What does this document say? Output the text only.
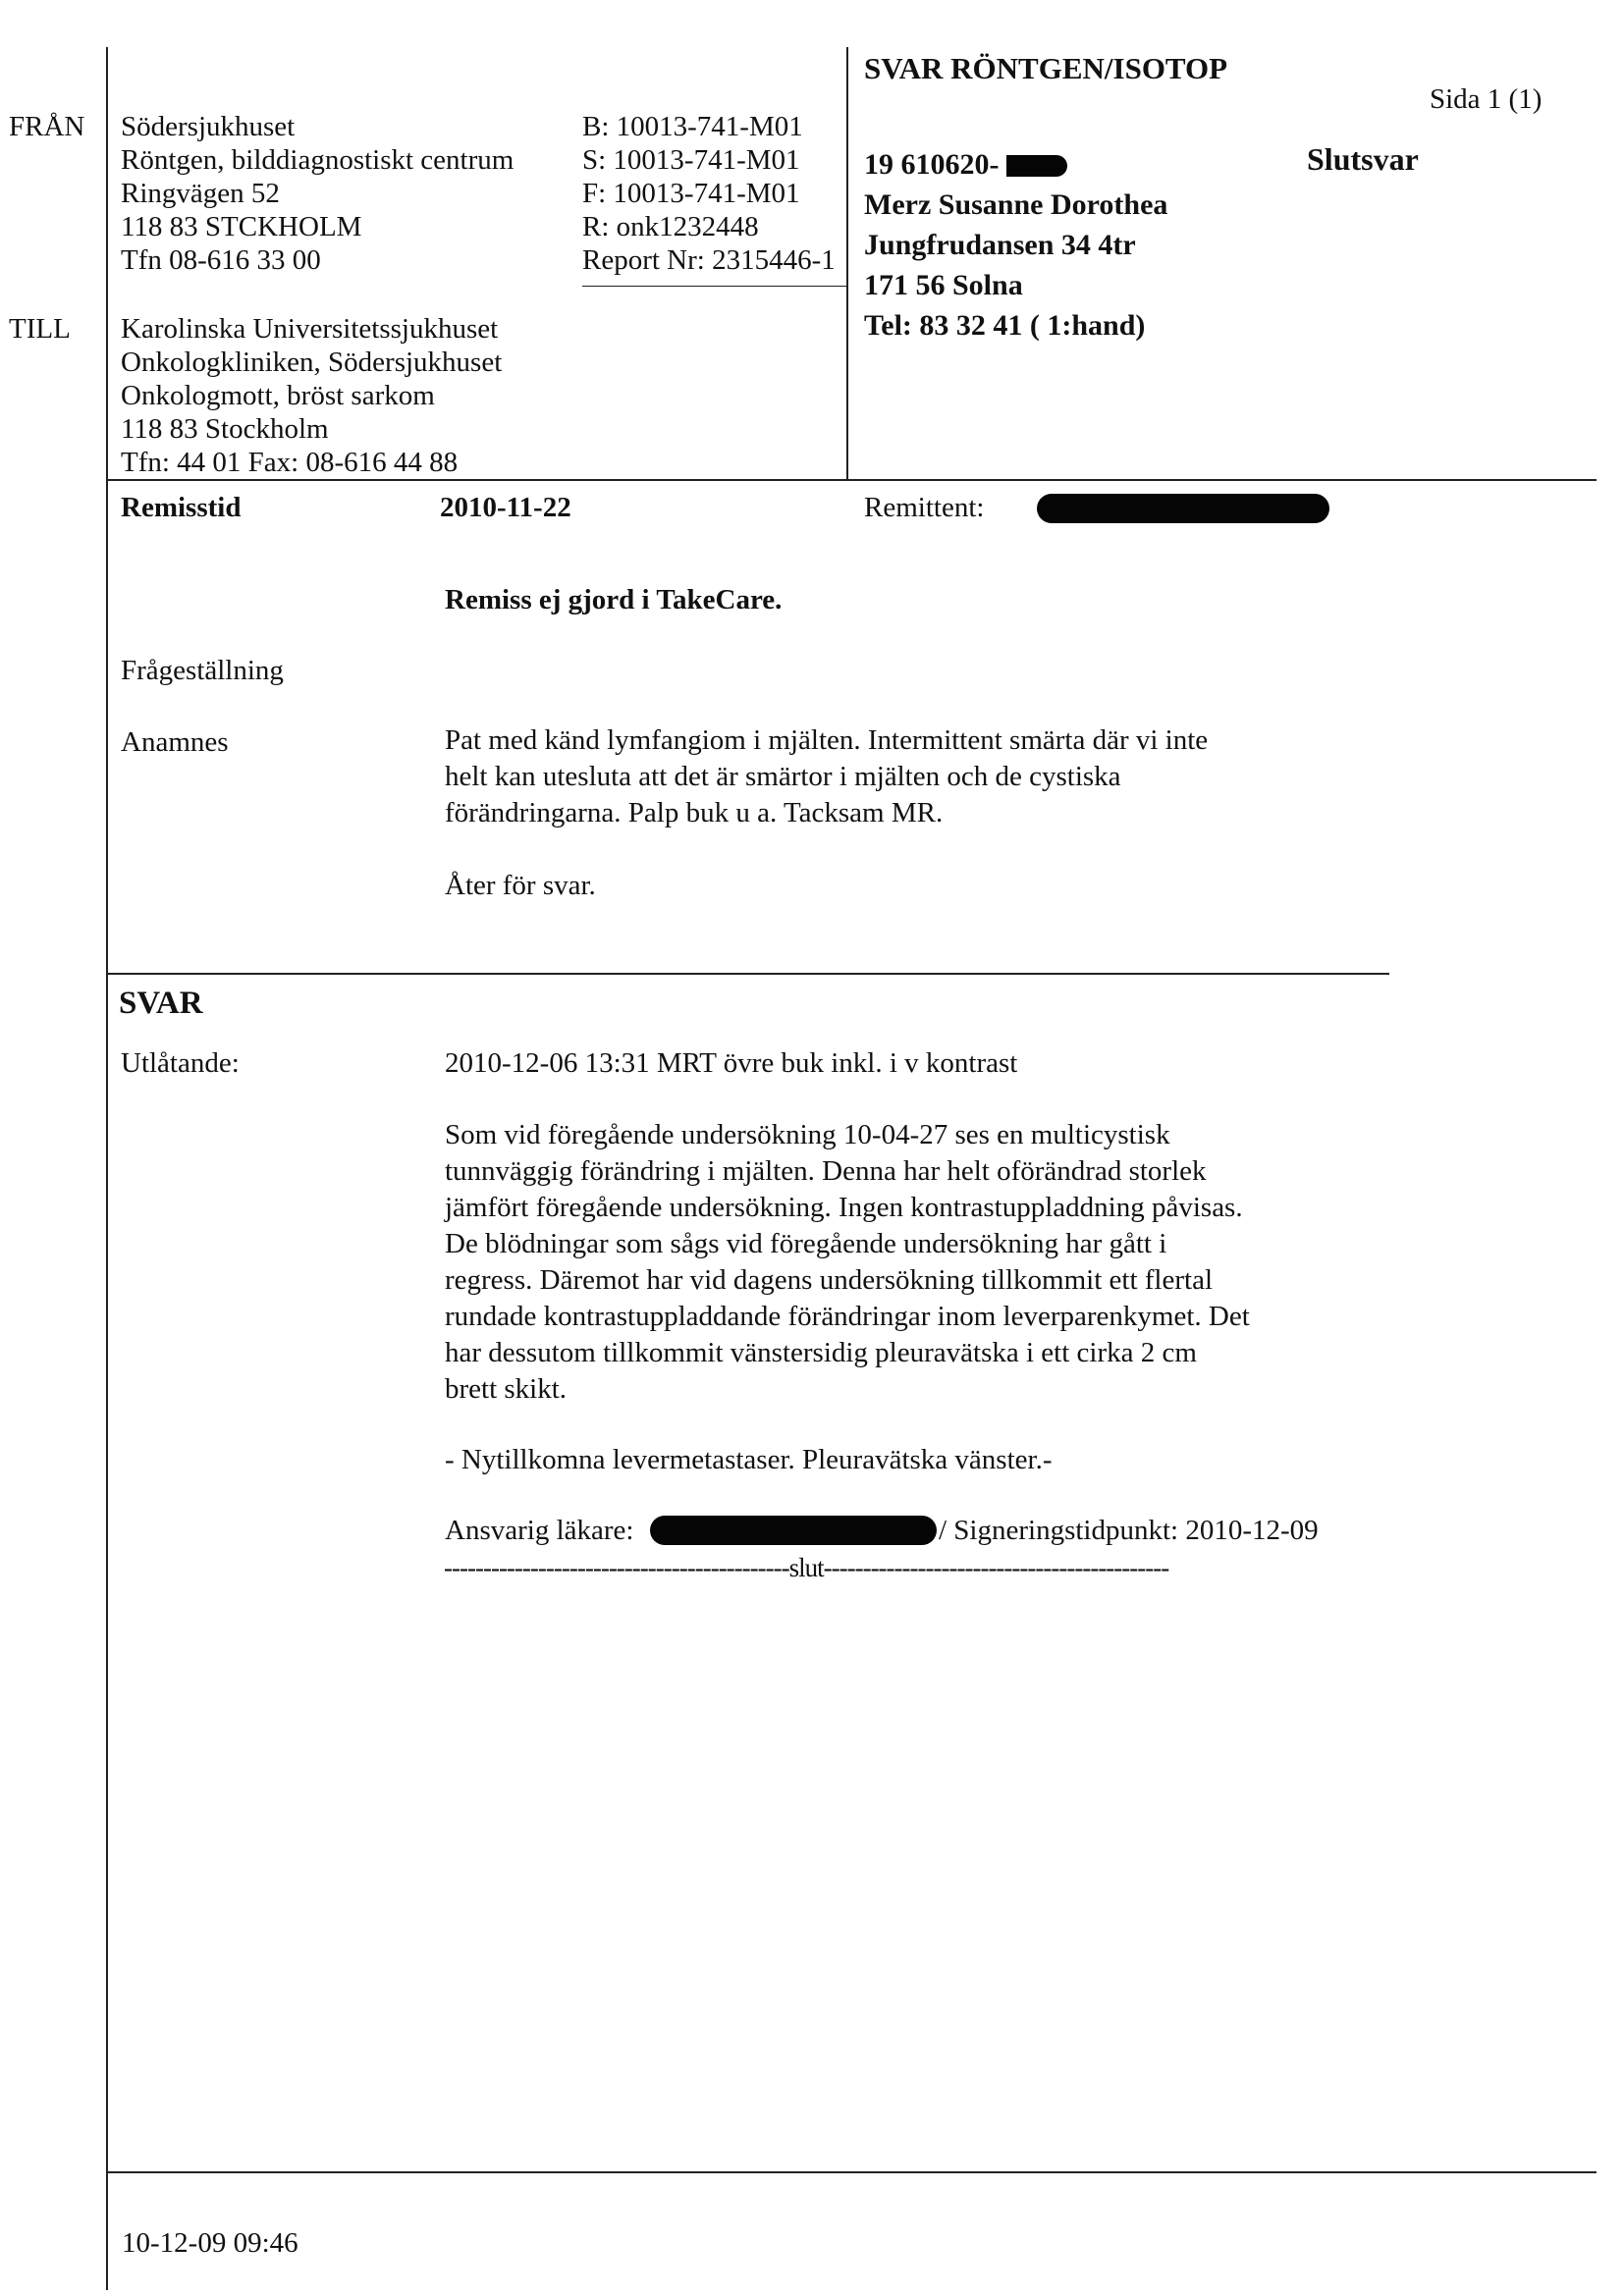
FRÅN
TILL
Södersjukhuset
Röntgen, bilddiagnostiskt centrum
Ringvägen 52
118 83 STCKHOLM
Tfn 08-616 33 00
B: 10013-741-M01
S: 10013-741-M01
F: 10013-741-M01
R: onk1232448
Report Nr: 2315446-1
Karolinska Universitetssjukhuset
Onkologkliniken, Södersjukhuset
Onkologmott, bröst sarkom
118 83 Stockholm
Tfn: 44 01 Fax: 08-616 44 88
SVAR RÖNTGEN/ISOTOP
Sida 1 (1)
Slutsvar
19 610620-
Merz Susanne Dorothea
Jungfrudansen 34 4tr
171 56 Solna
Tel: 83 32 41 ( 1:hand)
Remisstid	2010-11-22	Remittent:
Remiss ej gjord i TakeCare.
Frågeställning
Anamnes	Pat med känd lymfangiom i mjälten. Intermittent smärta där vi inte
helt kan utesluta att det är smärtor i mjälten och de cystiska
förändringarna. Palp buk u a. Tacksam MR.
Åter för svar.
SVAR
Utlåtande:	2010-12-06 13:31 MRT övre buk inkl. i v kontrast
Som vid föregående undersökning 10-04-27 ses en multicystisk
tunnväggig förändring i mjälten. Denna har helt oförändrad storlek
jämfört föregående undersökning. Ingen kontrastuppladdning påvisas.
De blödningar som sågs vid föregående undersökning har gått i
regress. Däremot har vid dagens undersökning tillkommit ett flertal
rundade kontrastuppladdande förändringar inom leverparenkymet. Det
har dessutom tillkommit vänstersidig pleuravätska i ett cirka 2 cm
brett skikt.
- Nytillkomna levermetastaser. Pleuravätska vänster.-
Ansvarig läkare:	/ Signeringstidpunkt: 2010-12-09
--------------------------------------------slut--------------------------------------------
10-12-09 09:46
